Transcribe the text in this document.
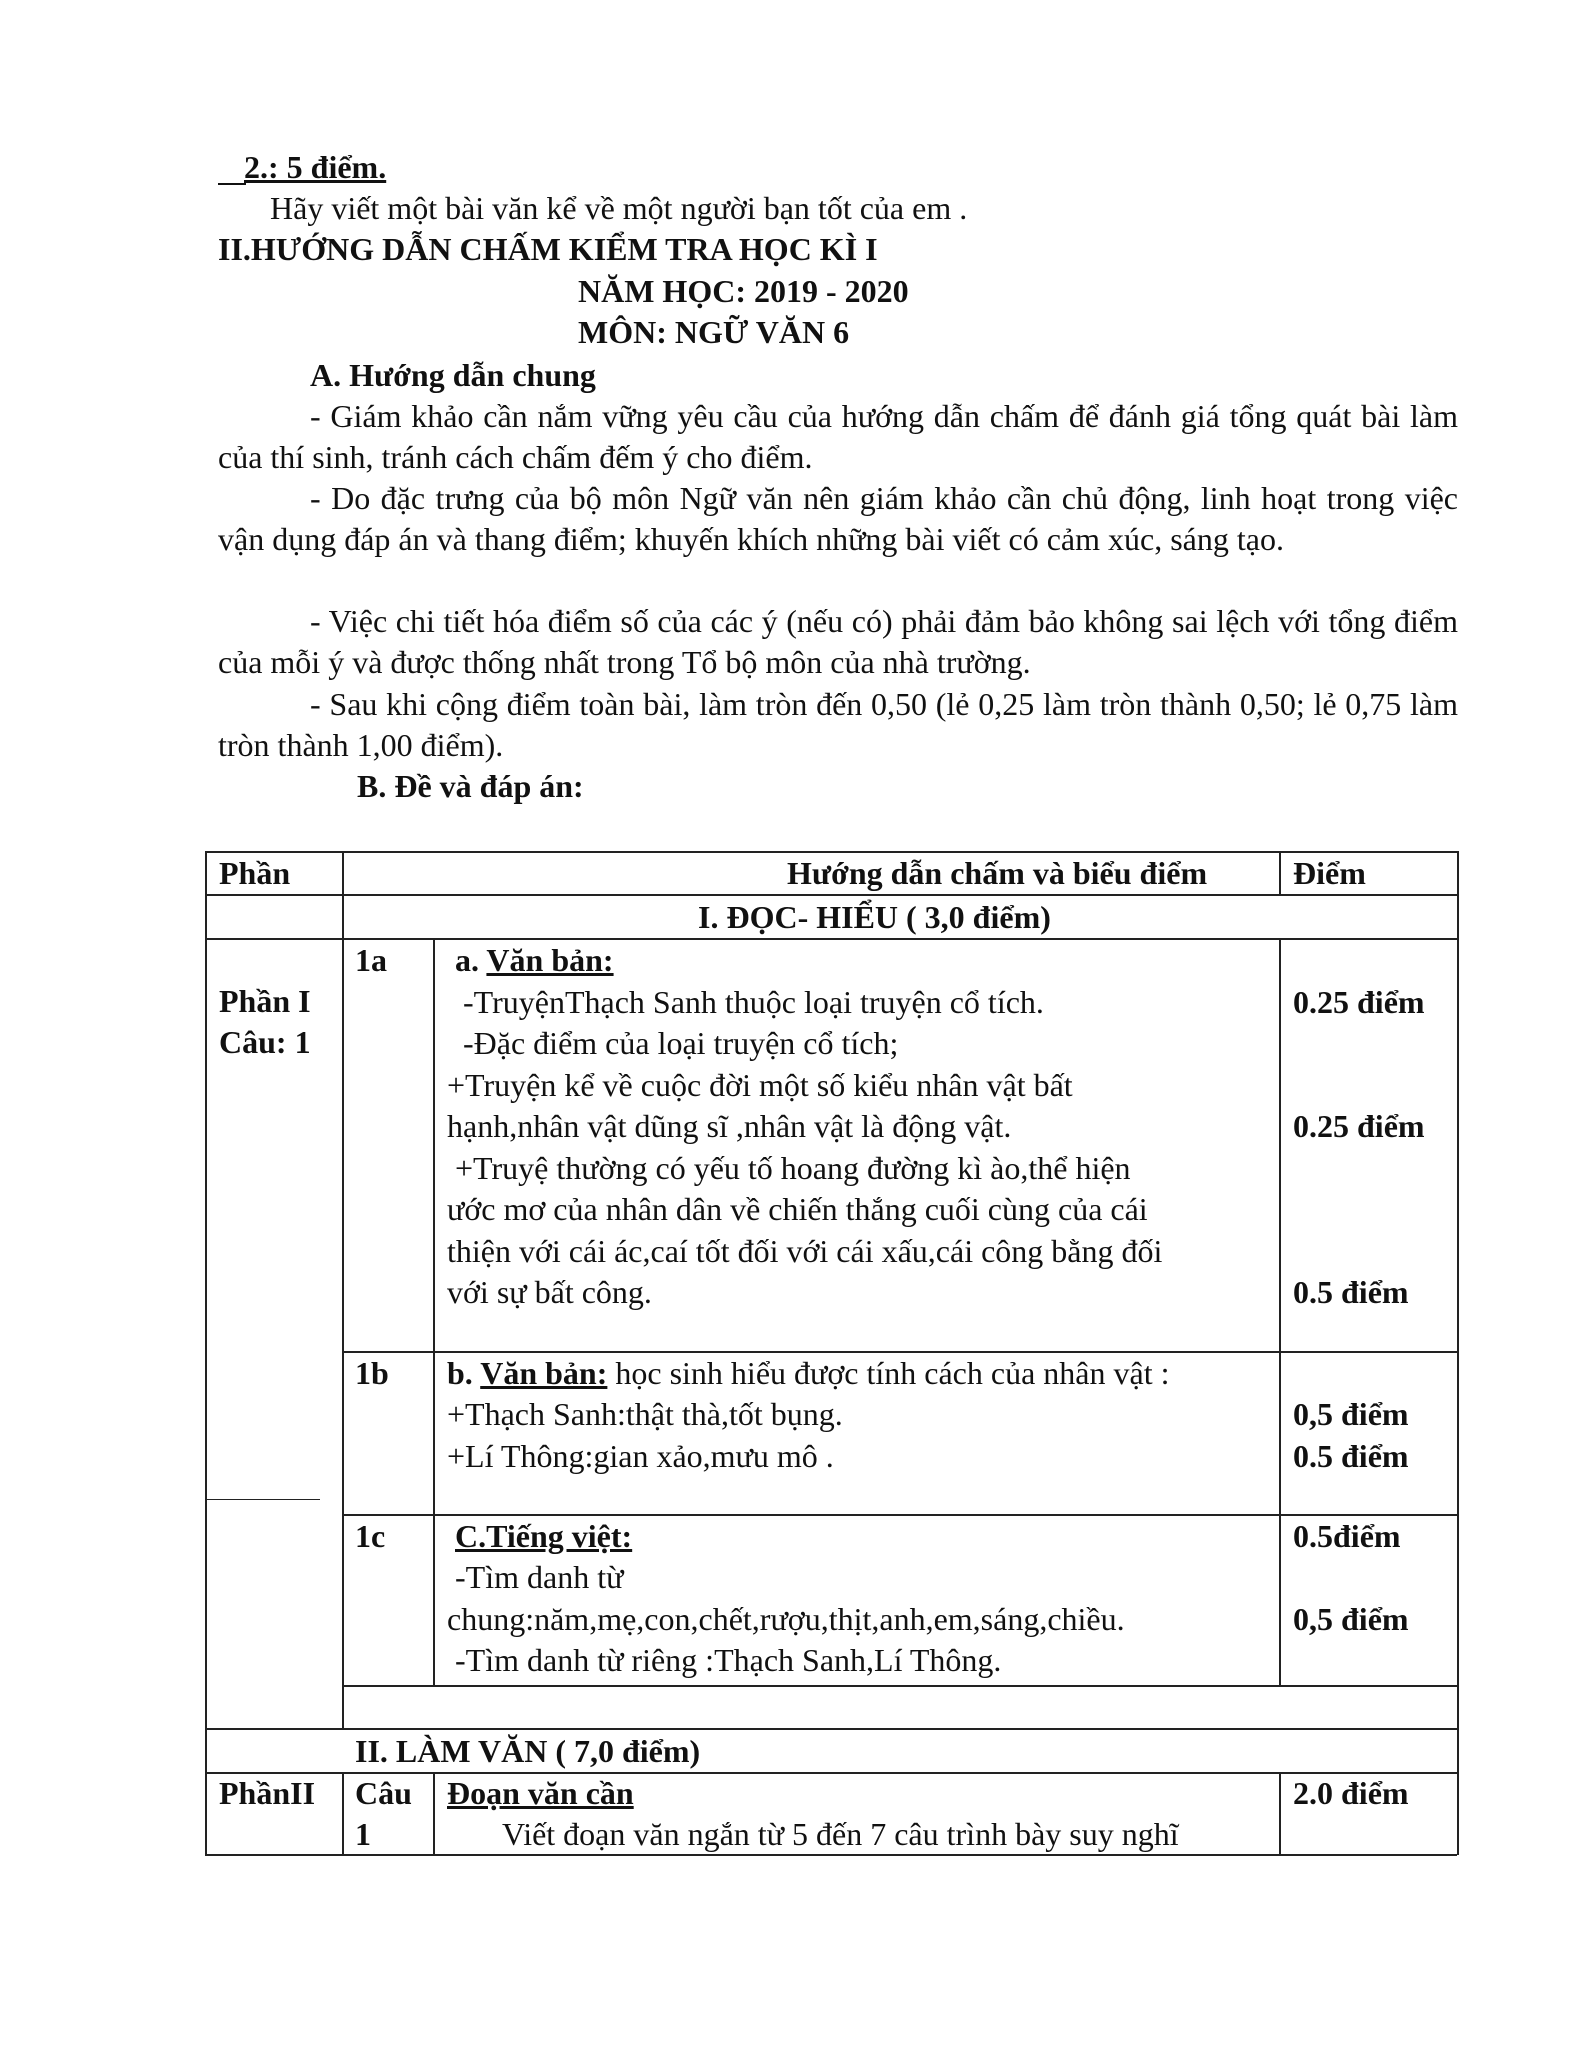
2.: 5 điểm.
Hãy viết một bài văn kể về một người bạn tốt của em .
II.HƯỚNG DẪN CHẤM KIỂM TRA HỌC KÌ I
NĂM HỌC: 2019 - 2020
MÔN: NGỮ VĂN 6
A. Hướng dẫn chung
- Giám khảo cần nắm vững yêu cầu của hướng dẫn chấm để đánh giá tổng quát bài làm của thí sinh, tránh cách chấm đếm ý cho điểm.
- Do đặc trưng của bộ môn Ngữ văn nên giám khảo cần chủ động, linh hoạt trong việc vận dụng đáp án và thang điểm; khuyến khích những bài viết có cảm xúc, sáng tạo.
- Việc chi tiết hóa điểm số của các ý (nếu có) phải đảm bảo không sai lệch với tổng điểm của mỗi ý và được thống nhất trong Tổ bộ môn của nhà trường.
- Sau khi cộng điểm toàn bài, làm tròn đến 0,50 (lẻ 0,25 làm tròn thành 0,50; lẻ 0,75 làm tròn thành 1,00 điểm).
B. Đề và đáp án:
Phần	Hướng dẫn chấm và biểu điểm	Điểm
I. ĐỌC- HIỂU ( 3,0 điểm)
Phần I
Câu: 1
1a a. Văn bản:
-TruyệnThạch Sanh thuộc loại truyện cổ tích.
-Đặc điểm của loại truyện cổ tích;
+Truyện kể về cuộc đời một số kiểu nhân vật bất
hạnh,nhân vật dũng sĩ ,nhân vật là động vật.
+Truyệ thường có yếu tố hoang đường kì ào,thể hiện
ước mơ của nhân dân về chiến thắng cuối cùng của cái
thiện với cái ác,caí tốt đối với cái xấu,cái công bằng đối
với sự bất công.
0.25 điểm
0.25 điểm
0.5 điểm
1b b. Văn bản: học sinh hiểu được tính cách của nhân vật :
+Thạch Sanh:thật thà,tốt bụng.
+Lí Thông:gian xảo,mưu mô .
0,5 điểm
0.5 điểm
1c C.Tiếng việt:
-Tìm danh từ
chung:năm,mẹ,con,chết,rượu,thịt,anh,em,sáng,chiều.
-Tìm danh từ riêng :Thạch Sanh,Lí Thông.
0.5điểm
0,5 điểm
II. LÀM VĂN ( 7,0 điểm)
PhầnII Câu
1
Đoạn văn cần
Viết đoạn văn ngắn từ 5 đến 7 câu trình bày suy nghĩ
2.0 điểm
